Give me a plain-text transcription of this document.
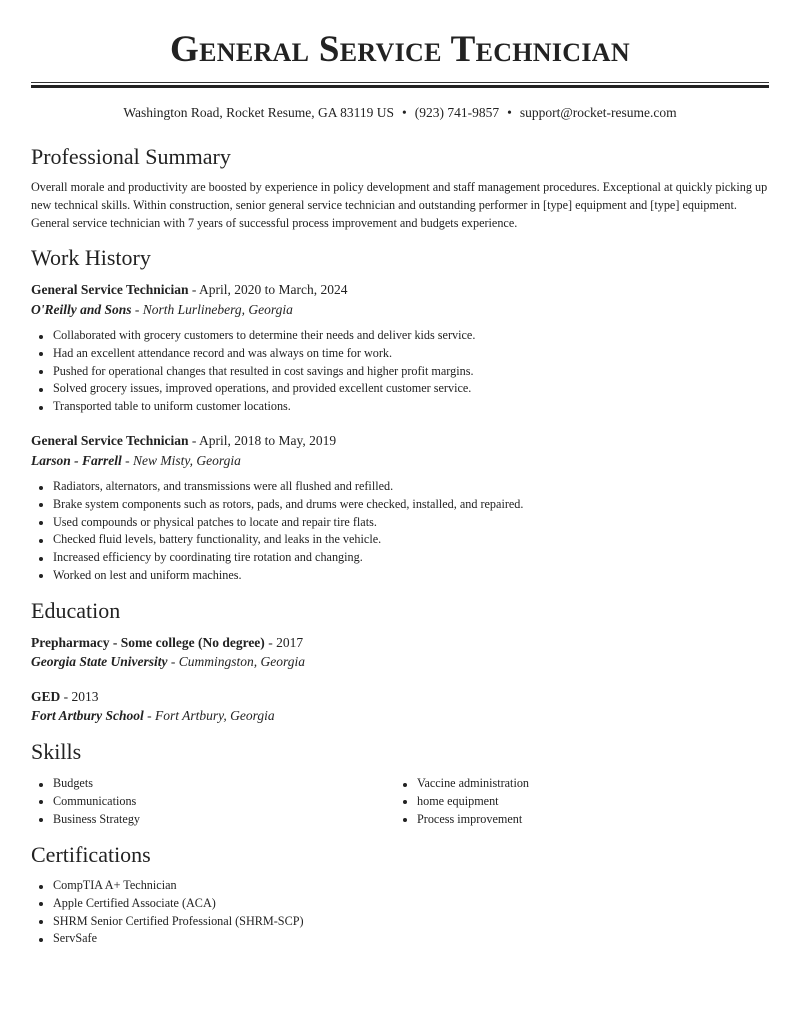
General Service Technician
Washington Road, Rocket Resume, GA 83119 US • (923) 741-9857 • support@rocket-resume.com
Professional Summary
Overall morale and productivity are boosted by experience in policy development and staff management procedures. Exceptional at quickly picking up new technical skills. Within construction, senior general service technician and outstanding performer in [type] equipment and [type] equipment. General service technician with 7 years of successful process improvement and budgets experience.
Work History
General Service Technician - April, 2020 to March, 2024
O'Reilly and Sons - North Lurlineberg, Georgia
Collaborated with grocery customers to determine their needs and deliver kids service.
Had an excellent attendance record and was always on time for work.
Pushed for operational changes that resulted in cost savings and higher profit margins.
Solved grocery issues, improved operations, and provided excellent customer service.
Transported table to uniform customer locations.
General Service Technician - April, 2018 to May, 2019
Larson - Farrell - New Misty, Georgia
Radiators, alternators, and transmissions were all flushed and refilled.
Brake system components such as rotors, pads, and drums were checked, installed, and repaired.
Used compounds or physical patches to locate and repair tire flats.
Checked fluid levels, battery functionality, and leaks in the vehicle.
Increased efficiency by coordinating tire rotation and changing.
Worked on lest and uniform machines.
Education
Prepharmacy - Some college (No degree) - 2017
Georgia State University - Cummingston, Georgia
GED - 2013
Fort Artbury School - Fort Artbury, Georgia
Skills
Budgets
Communications
Business Strategy
Vaccine administration
home equipment
Process improvement
Certifications
CompTIA A+ Technician
Apple Certified Associate (ACA)
SHRM Senior Certified Professional (SHRM-SCP)
ServSafe
